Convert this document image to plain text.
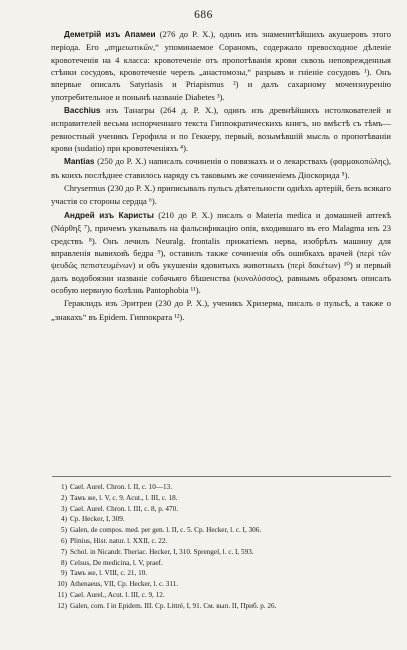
686

Деметрій изъ Апамеи (276 до Р. Х.), одинъ изъ знаменитѣйшихъ акушеровъ этого періода. Его „σημειωτικῶν,“ упоминаемое Сораномъ, содержало превосходное дѣленіе кровотеченія на 4 класса: кровотеченіе отъ пропотѣванія крови сквозь неповрежденныя стѣнки сосудовъ, кровотеченіе черезъ „анастомозы,“ разрывъ и гніеніе сосудовъ ¹). Онъ впервые описалъ Satyriasis и Priapismus ²) и далъ сахарному мочеизнуренію употребительное и понынѣ названіе Diabetes ³).

Bacchius изъ Танагры (264 д. Р. Х.), одинъ изъ древнѣйшихъ истолкователей и исправителей весьма испорченнаго текста Гиппократическихъ книгъ, но вмѣстѣ съ тѣмъ—ревностный ученикъ Герофила и по Геккеру, первый, возымѣвшій мысль о пропотѣваніи крови (sudatio) при кровотеченіяхъ ⁴).

Mantias (250 до Р. Х.) написалъ сочиненія о повязкахъ и о лекарствахъ (φαρμακοπώλης), въ коихъ послѣднее ставилось наряду съ таковымъ же сочиненіемъ Діоскорида ⁵).

Chrysermus (230 до Р. Х.) приписывалъ пульсъ дѣятельности однѣхъ артерій, безъ всякаго участія со стороны сердца ⁶).

Андрей изъ Каристы (210 до Р. Х.) писалъ о Materia medica и домашней аптекѣ (Νάρθηξ ⁷), причемъ указывалъ на фальсификацію опія, входившаго въ его Malagma изъ 23 средствъ ⁸). Онъ лечилъ Neuralg. frontalis прижатіемъ нерва, изобрѣлъ машину для вправленія вывихов̂ъ бедра ⁹), оставилъ также сочиненія объ ошибкахъ врачей (περὶ τῶν ψευδῶς πεπιστευμένων) и объ укушеніи ядовитыхъ животныхъ (περὶ δακέτων) ¹⁰) и первый далъ водобоязни названіе собачьяго бѣшенства (κυνολύσσος), равнымъ образомъ описалъ особую нервную болѣзнь Pantophobia ¹¹).

Гераклидъ изъ Эритреи (230 до Р. Х.), ученикъ Хризерма, писалъ о пульсѣ, а также о „знакахъ“ въ Epidem. Гиппократа ¹²).

1) Cael. Aurel. Chron. l. II, c. 10—13.
2) Тамъ же, l. V, c. 9. Acut., l. III, c. 18.
3) Cael. Aurel. Chron. l. III, c. 8, p. 470.
4) Cp. Hecker, I, 309.
5) Galen, de compos. med. per gen. l. II, c. 5. Cp. Hecker, l. c. I, 306.
6) Plinius, Hist. natur. l. XXII, c. 22.
7) Schol. in Nicandr. Theriac. Hecker, I, 310. Sprengel, l. c. I, 593.
8) Celsus, De medicina, l. V, praef.
9) Тамъ же, l. VIII, c. 21, 10.
10) Athenaeus, VII, Cp. Hecker, l. c. 311.
11) Cael. Aurel., Acut. l. III, c. 9, 12.
12) Galen, com. I in Epidem. III. Cp. Littré, I, 91. См. вып. II, Приб. р. 26.
